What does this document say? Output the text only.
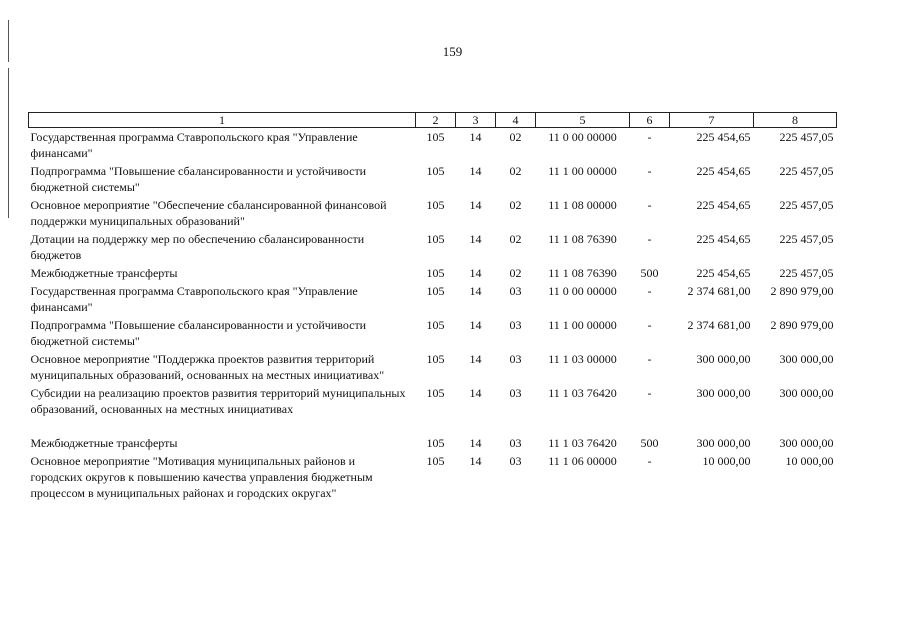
159
1	2	3	4	5	6	7	8
Государственная программа Ставропольского края "Управление финансами"	105	14	02	11 0 00 00000	-	225 454,65	225 457,05
Подпрограмма "Повышение сбалансированности и устойчивости бюджетной системы"	105	14	02	11 1 00 00000	-	225 454,65	225 457,05
Основное мероприятие "Обеспечение сбалансированной финансовой поддержки муниципальных образований"	105	14	02	11 1 08 00000	-	225 454,65	225 457,05
Дотации на поддержку мер по обеспечению сбалансированности бюджетов	105	14	02	11 1 08 76390	-	225 454,65	225 457,05
Межбюджетные трансферты	105	14	02	11 1 08 76390	500	225 454,65	225 457,05
Государственная программа Ставропольского края "Управление финансами"	105	14	03	11 0 00 00000	-	2 374 681,00	2 890 979,00
Подпрограмма "Повышение сбалансированности и устойчивости бюджетной системы"	105	14	03	11 1 00 00000	-	2 374 681,00	2 890 979,00
Основное мероприятие "Поддержка проектов развития территорий муниципальных образований, основанных на местных инициативах"	105	14	03	11 1 03 00000	-	300 000,00	300 000,00
Субсидии на реализацию проектов развития территорий муниципальных образований, основанных на местных инициативах	105	14	03	11 1 03 76420	-	300 000,00	300 000,00
Межбюджетные трансферты	105	14	03	11 1 03 76420	500	300 000,00	300 000,00
Основное мероприятие "Мотивация муниципальных районов и городских округов к повышению качества управления бюджетным процессом в муниципальных районах и городских округах"	105	14	03	11 1 06 00000	-	10 000,00	10 000,00
